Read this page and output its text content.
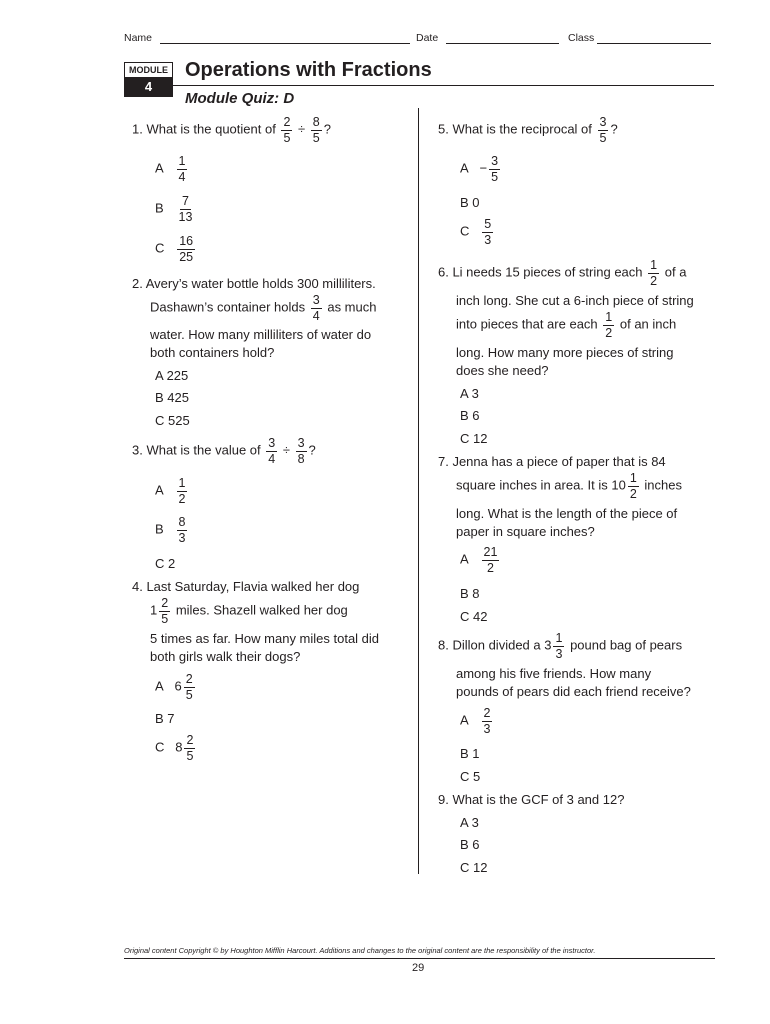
Name	Date	Class
MODULE
4
Operations with Fractions
Module Quiz: D
1. What is the quotient of $\frac{2}{5} \div \frac{8}{5}$ ?
A $\frac{1}{4}$
B $\frac{7}{13}$
C $\frac{16}{25}$
2. Avery’s water bottle holds 300 milliliters.
Dashawn’s container holds $\frac{3}{4}$ as much
water. How many milliliters of water do
both containers hold?
A 225
B 425
C 525
3. What is the value of $\frac{3}{4} \div \frac{3}{8}$ ?
A $\frac{1}{2}$
B $\frac{8}{3}$
C 2
4. Last Saturday, Flavia walked her dog
$1 \frac{2}{5}$ miles. Shazell walked her dog
5 times as far. How many miles total did
both girls walk their dogs?
A $6 \frac{2}{5}$
B 7
C $8 \frac{2}{5}$
5. What is the reciprocal of $\frac{3}{5}$ ?
$A - \frac{3}{5}$
B 0
C $\frac{5}{3}$
6. Li needs 15 pieces of string each $\frac{1}{2}$ of a
inch long. She cut a 6-inch piece of string
into pieces that are each $\frac{1}{2}$ of an inch
long. How many more pieces of string
does she need?
A 3
B 6
C 12
7. Jenna has a piece of paper that is 84
square inches in area. It is $10 \frac{1}{2}$ inches
long. What is the length of the piece of
paper in square inches?
A $\frac{21}{2}$
B 8
C 42
8. Dillon divided a $3 \frac{1}{3}$ pound bag of pears
among his five friends. How many
pounds of pears did each friend receive?
A $\frac{2}{3}$
B 1
C 5
9. What is the GCF of 3 and 12?
A 3
B 6
C 12
Original content Copyright © by Houghton Mifflin Harcourt. Additions and changes to the original content are the responsibility of the instructor.
29
